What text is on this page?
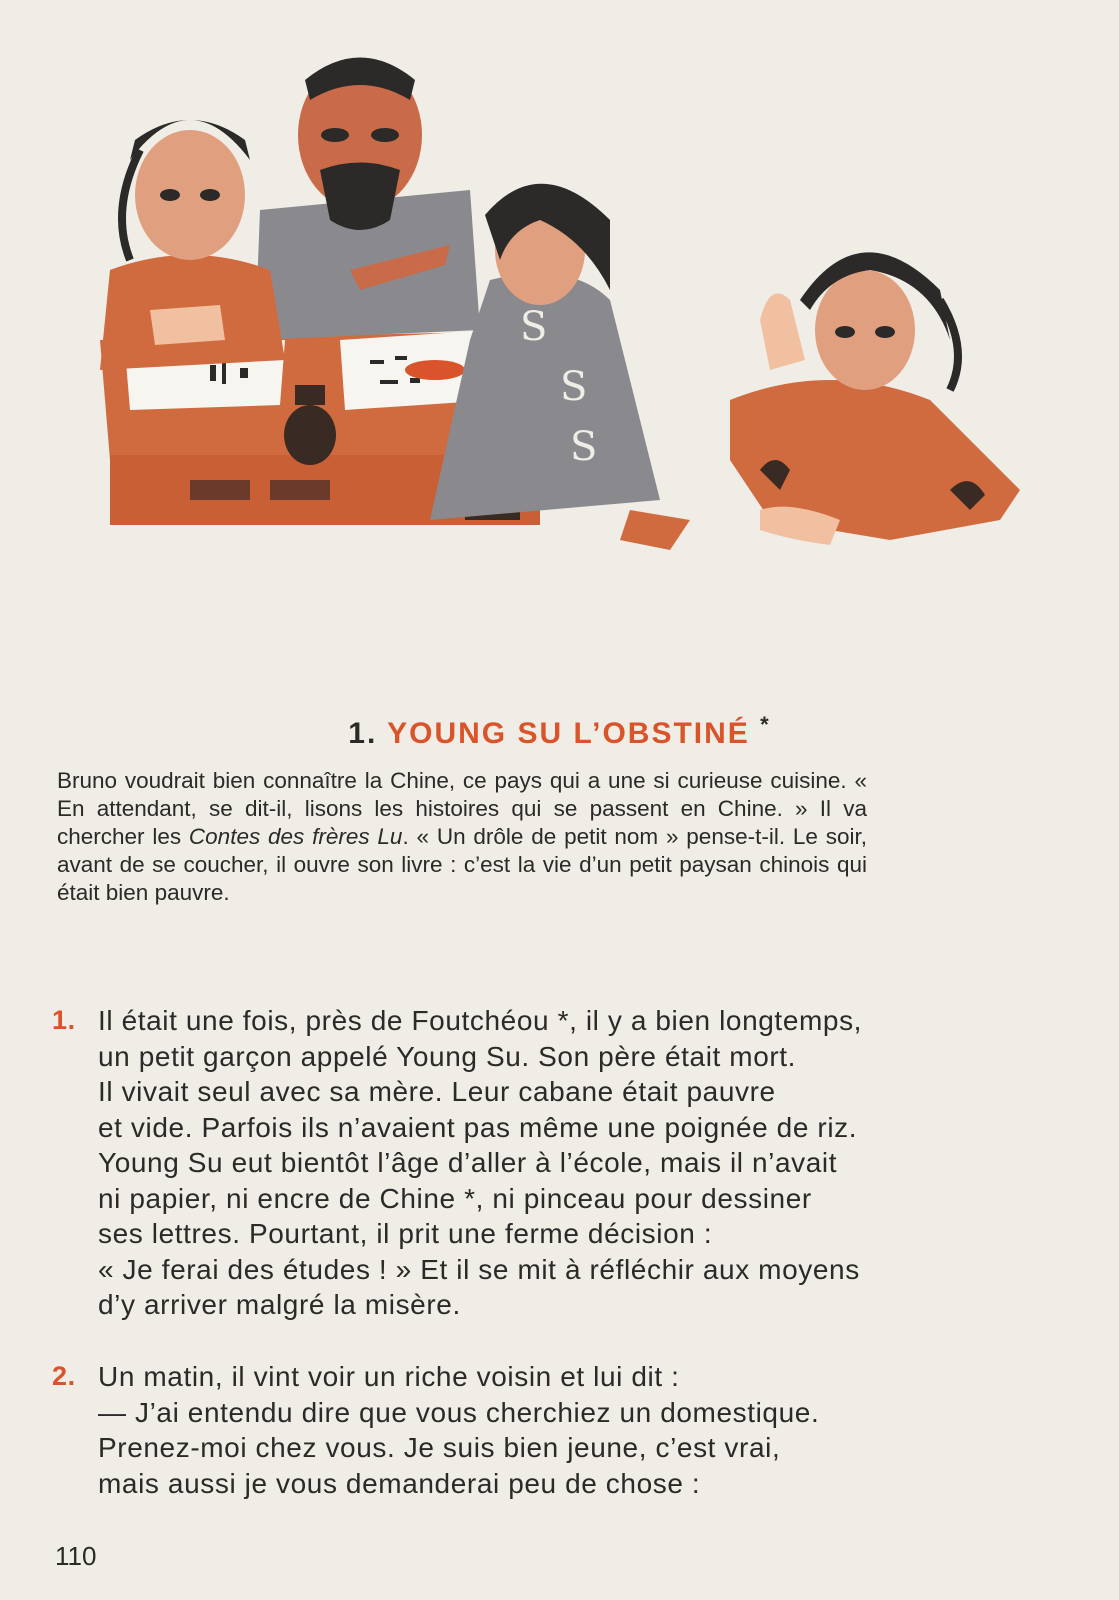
S
S
S
1. YOUNG SU L’OBSTINÉ *

Bruno voudrait bien connaître la Chine, ce pays qui a une si curieuse cuisine. « En attendant, se dit-il, lisons les histoires qui se passent en Chine. » Il va chercher les Contes des frères Lu. « Un drôle de petit nom » pense-t-il. Le soir, avant de se coucher, il ouvre son livre : c’est la vie d’un petit paysan chinois qui était bien pauvre.

1. Il était une fois, près de Foutchéou *, il y a bien longtemps,
un petit garçon appelé Young Su. Son père était mort.
Il vivait seul avec sa mère. Leur cabane était pauvre
et vide. Parfois ils n’avaient pas même une poignée de riz.
Young Su eut bientôt l’âge d’aller à l’école, mais il n’avait
ni papier, ni encre de Chine *, ni pinceau pour dessiner
ses lettres. Pourtant, il prit une ferme décision :
« Je ferai des études ! » Et il se mit à réfléchir aux moyens
d’y arriver malgré la misère.
2. Un matin, il vint voir un riche voisin et lui dit :
— J’ai entendu dire que vous cherchiez un domestique.
Prenez-moi chez vous. Je suis bien jeune, c’est vrai,
mais aussi je vous demanderai peu de chose :
110
